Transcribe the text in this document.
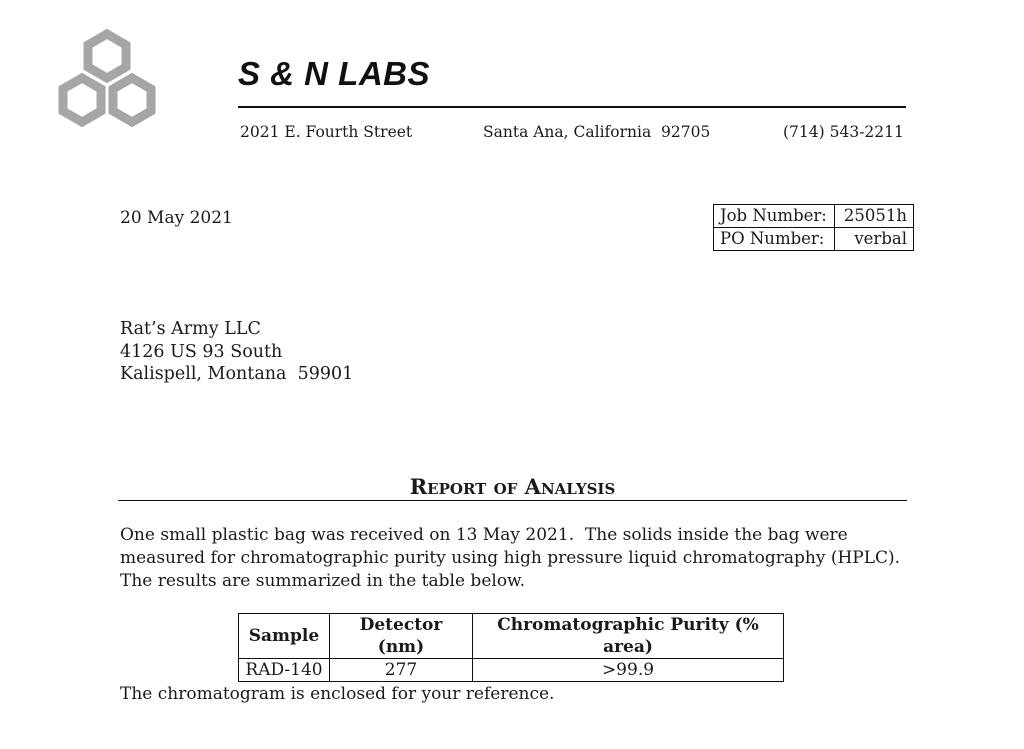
S & N LABS
2021 E. Fourth Street	Santa Ana, California  92705	(714) 543-2211
20 May 2021	Job Number:	25051h
PO Number:	verbal
Rat’s Army LLC
4126 US 93 South
Kalispell, Montana  59901
Report of Analysis
One small plastic bag was received on 13 May 2021.  The solids inside the bag were measured for chromatographic purity using high pressure liquid chromatography (HPLC).  The results are summarized in the table below.
Sample	Detector (nm)	Chromatographic Purity (% area)
RAD-140	277	>99.9
The chromatogram is enclosed for your reference.
